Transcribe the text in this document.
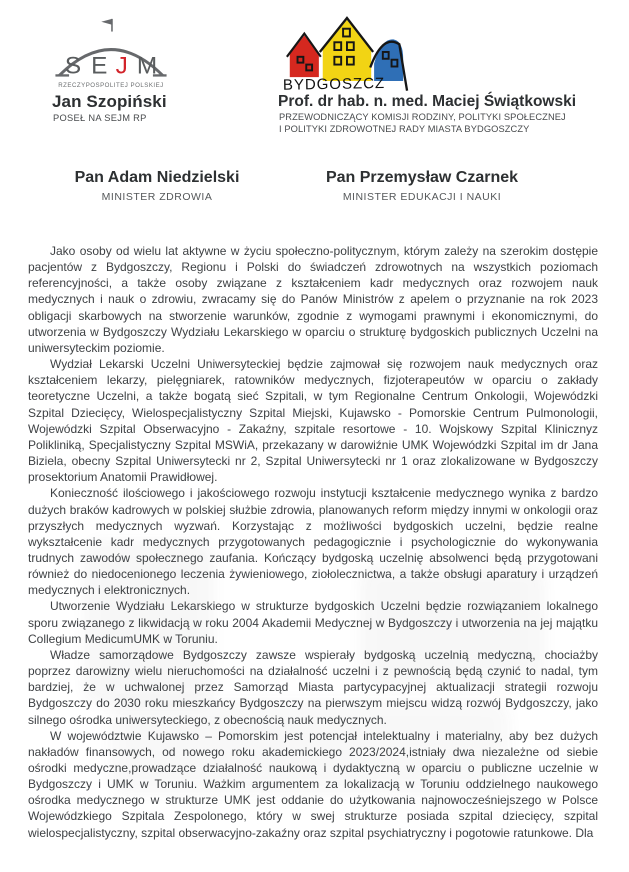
S E J M
RZECZYPOSPOLITEJ POLSKIEJ	BYDGOSZCZ
Jan Szopiński
POSEŁ NA SEJM RP
Prof. dr hab. n. med. Maciej Świątkowski
PRZEWODNICZĄCY KOMISJI RODZINY, POLITYKI SPOŁECZNEJ
I POLITYKI ZDROWOTNEJ RADY MIASTA BYDGOSZCZY
Pan Adam Niedzielski
MINISTER ZDROWIA
Pan Przemysław Czarnek
MINISTER EDUKACJI I NAUKI

Jako osoby od wielu lat aktywne w życiu społeczno-politycznym, którym zależy na szerokim dostępie pacjentów z Bydgoszczy, Regionu i Polski do świadczeń zdrowotnych na wszystkich poziomach referencyjności, a także osoby związane z kształceniem kadr medycznych oraz rozwojem nauk medycznych i nauk o zdrowiu, zwracamy się do Panów Ministrów z apelem o przyznanie na rok 2023 obligacji skarbowych na stworzenie warunków, zgodnie z wymogami prawnymi i ekonomicznymi, do utworzenia w Bydgoszczy Wydziału Lekarskiego w oparciu o strukturę bydgoskich publicznych Uczelni na uniwersyteckim poziomie.

Wydział Lekarski Uczelni Uniwersyteckiej będzie zajmował się rozwojem nauk medycznych oraz kształceniem lekarzy, pielęgniarek, ratowników medycznych, fizjoterapeutów w oparciu o zakłady teoretyczne Uczelni, a także bogatą sieć Szpitali, w tym Regionalne Centrum Onkologii, Wojewódzki Szpital Dziecięcy, Wielospecjalistyczny Szpital Miejski, Kujawsko - Pomorskie Centrum Pulmonologii, Wojewódzki Szpital Obserwacyjno - Zakaźny, szpitale resortowe - 10. Wojskowy Szpital Klinicznyz Polikliniką, Specjalistyczny Szpital MSWiA, przekazany w darowiźnie UMK Wojewódzki Szpital im dr Jana Biziela, obecny Szpital Uniwersytecki nr 2, Szpital Uniwersytecki nr 1 oraz zlokalizowane w Bydgoszczy prosektorium Anatomii Prawidłowej.

Konieczność ilościowego i jakościowego rozwoju instytucji kształcenie medycznego wynika z bardzo dużych braków kadrowych w polskiej służbie zdrowia, planowanych reform między innymi w onkologii oraz przyszłych medycznych wyzwań. Korzystając z możliwości bydgoskich uczelni, będzie realne wykształcenie kadr medycznych przygotowanych pedagogicznie i psychologicznie do wykonywania trudnych zawodów społecznego zaufania. Kończący bydgoską uczelnię absolwenci będą przygotowani również do niedocenionego leczenia żywieniowego, ziołolecznictwa, a także obsługi aparatury i urządzeń medycznych i elektronicznych.

Utworzenie Wydziału Lekarskiego w strukturze bydgoskich Uczelni będzie rozwiązaniem lokalnego sporu związanego z likwidacją w roku 2004 Akademii Medycznej w Bydgoszczy i utworzenia na jej majątku Collegium MedicumUMK w Toruniu.

Władze samorządowe Bydgoszczy zawsze wspierały bydgoską uczelnią medyczną, chociażby poprzez darowizny wielu nieruchomości na działalność uczelni i z pewnością będą czynić to nadal, tym bardziej, że w uchwalonej przez Samorząd Miasta partycypacyjnej aktualizacji strategii rozwoju Bydgoszczy do 2030 roku mieszkańcy Bydgoszczy na pierwszym miejscu widzą rozwój Bydgoszczy, jako silnego ośrodka uniwersyteckiego, z obecnością nauk medycznych.

W województwie Kujawsko – Pomorskim jest potencjał intelektualny i materialny, aby bez dużych nakładów finansowych, od nowego roku akademickiego 2023/2024,istniały dwa niezależne od siebie ośrodki medyczne,prowadzące działalność naukową i dydaktyczną w oparciu o publiczne uczelnie w Bydgoszczy i UMK w Toruniu. Ważkim argumentem za lokalizacją w Toruniu oddzielnego naukowego ośrodka medycznego w strukturze UMK jest oddanie do użytkowania najnowocześniejszego w Polsce Wojewódzkiego Szpitala Zespolonego, który w swej strukturze posiada szpital dziecięcy, szpital wielospecjalistyczny, szpital obserwacyjno-zakaźny oraz szpital psychiatryczny i pogotowie ratunkowe. Dla
